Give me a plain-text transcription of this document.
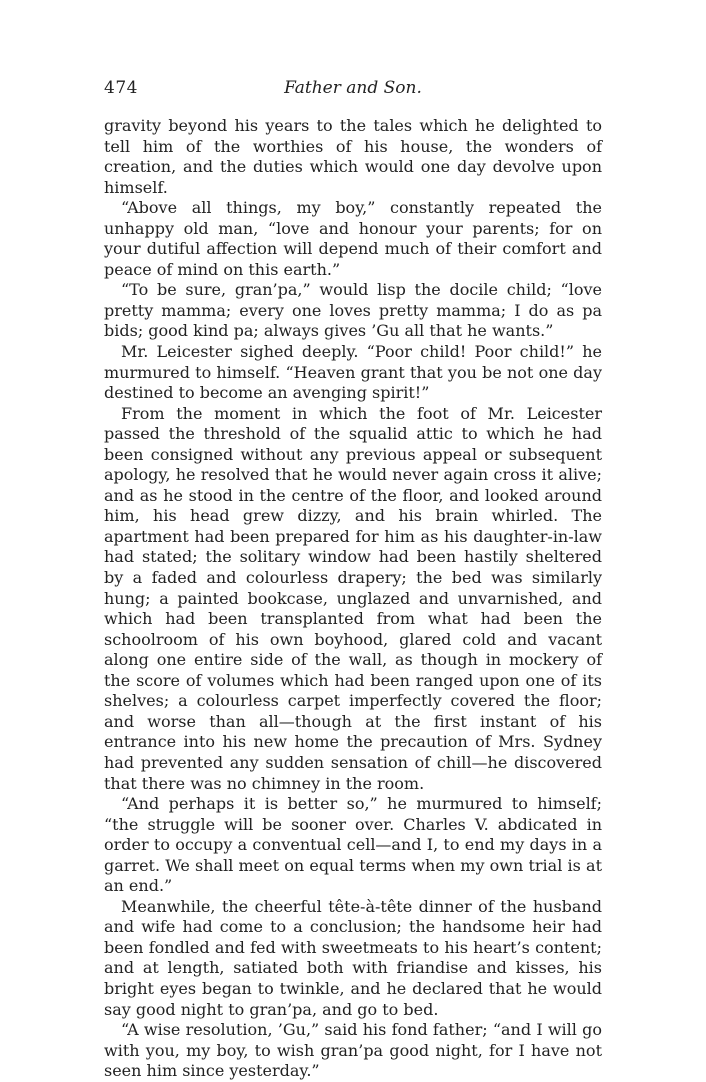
474	Father and Son.

gravity beyond his years to the tales which he delighted to tell him of the worthies of his house, the wonders of creation, and the duties which would one day devolve upon himself.

“Above all things, my boy,” constantly repeated the unhappy old man, “love and honour your parents; for on your dutiful affection will depend much of their comfort and peace of mind on this earth.”

“To be sure, gran’pa,” would lisp the docile child; “love pretty mamma; every one loves pretty mamma; I do as pa bids; good kind pa; always gives ’Gu all that he wants.”

Mr. Leicester sighed deeply. “Poor child! Poor child!” he murmured to himself. “Heaven grant that you be not one day destined to become an avenging spirit!”

From the moment in which the foot of Mr. Leicester passed the threshold of the squalid attic to which he had been consigned without any previous appeal or subsequent apology, he resolved that he would never again cross it alive; and as he stood in the centre of the floor, and looked around him, his head grew dizzy, and his brain whirled. The apartment had been prepared for him as his daughter-in-law had stated; the solitary window had been hastily sheltered by a faded and colourless drapery; the bed was similarly hung; a painted bookcase, unglazed and unvarnished, and which had been transplanted from what had been the schoolroom of his own boyhood, glared cold and vacant along one entire side of the wall, as though in mockery of the score of volumes which had been ranged upon one of its shelves; a colourless carpet imperfectly covered the floor; and worse than all—though at the first instant of his entrance into his new home the precaution of Mrs. Sydney had prevented any sudden sensation of chill—he discovered that there was no chimney in the room.

“And perhaps it is better so,” he murmured to himself; “the struggle will be sooner over. Charles V. abdicated in order to occupy a conventual cell—and I, to end my days in a garret. We shall meet on equal terms when my own trial is at an end.”

Meanwhile, the cheerful tête-à-tête dinner of the husband and wife had come to a conclusion; the handsome heir had been fondled and fed with sweetmeats to his heart’s content; and at length, satiated both with friandise and kisses, his bright eyes began to twinkle, and he declared that he would say good night to gran’pa, and go to bed.

“A wise resolution, ’Gu,” said his fond father; “and I will go with you, my boy, to wish gran’pa good night, for I have not seen him since yesterday.”
